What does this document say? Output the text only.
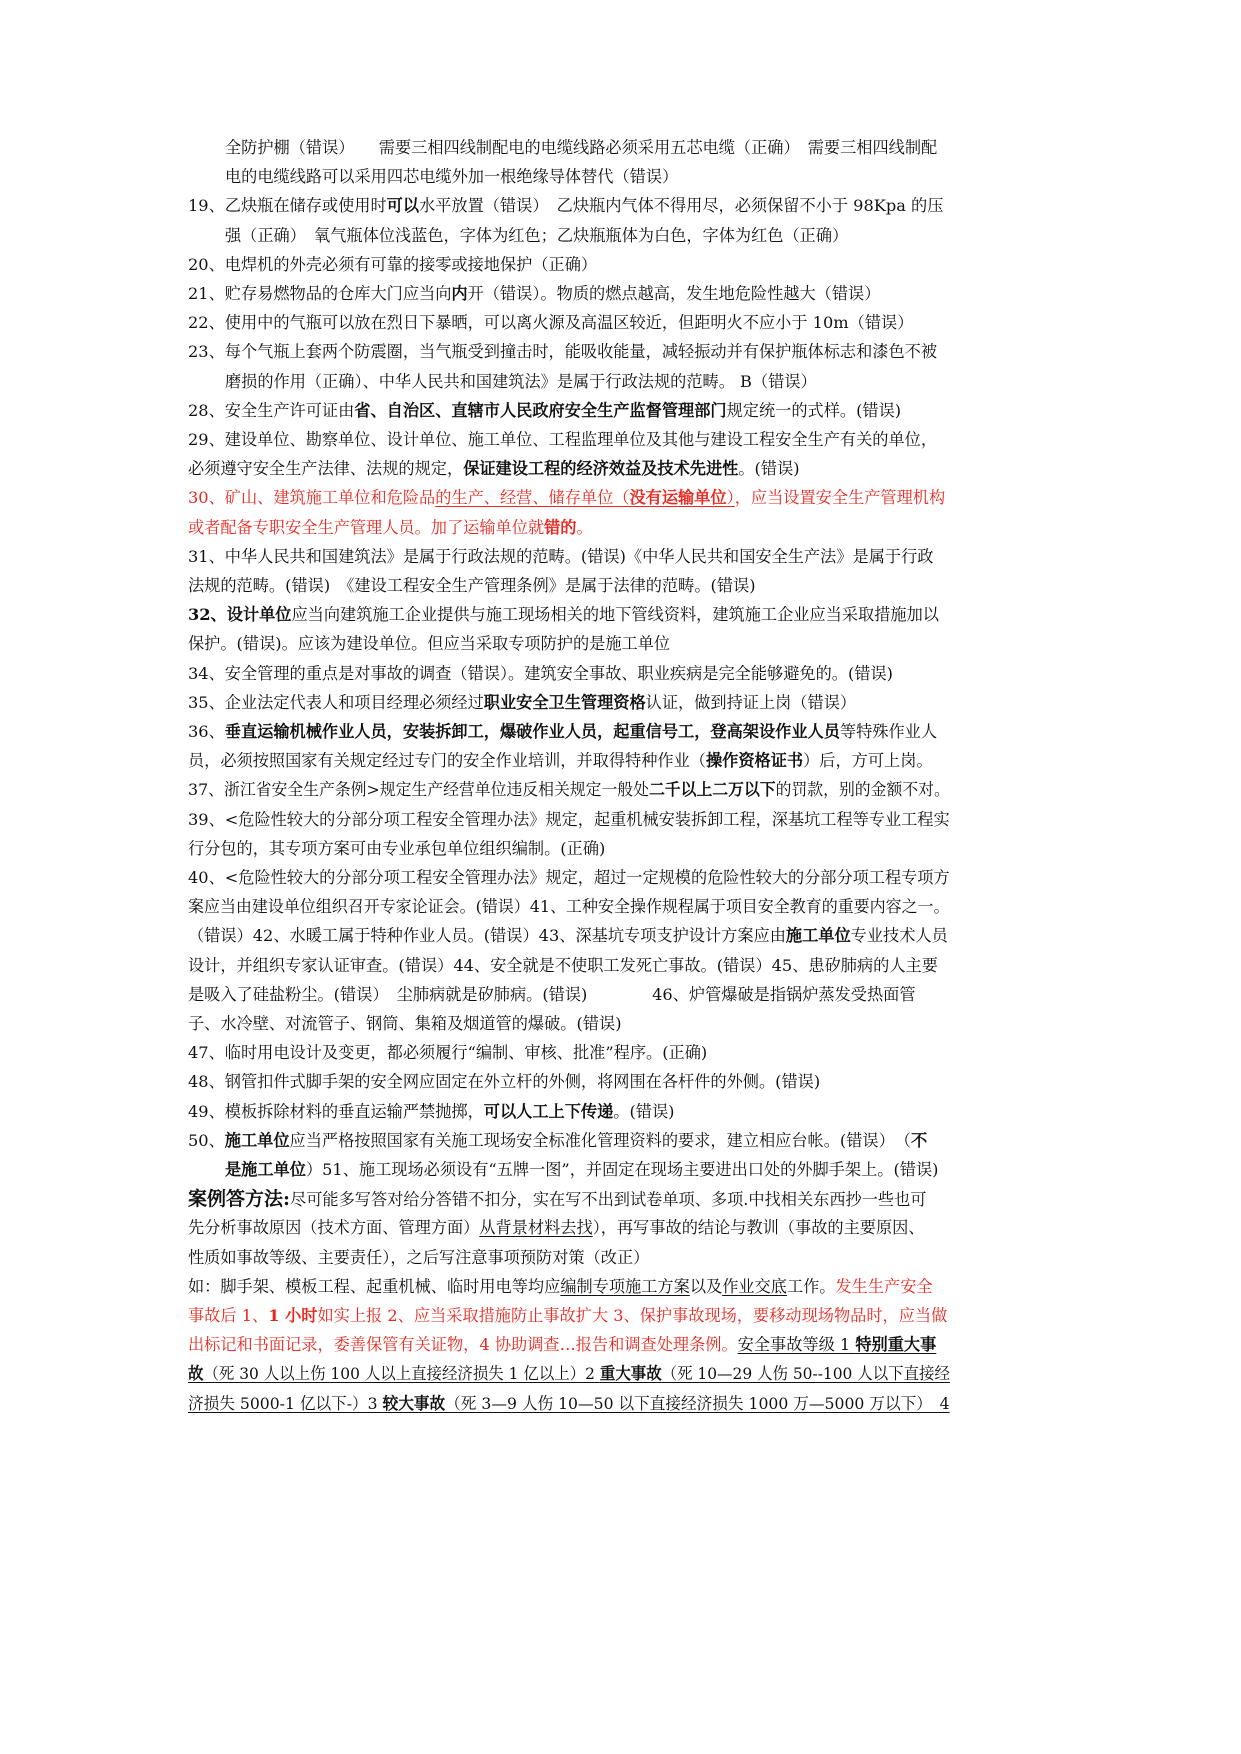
全防护棚（错误）　　需要三相四线制配电的电缆线路必须采用五芯电缆（正确）　需要三相四线制配
电的电缆线路可以采用四芯电缆外加一根绝缘导体替代（错误）
19、乙炔瓶在储存或使用时可以水平放置（错误）　乙炔瓶内气体不得用尽，必须保留不小于 98Kpa 的压
强（正确）　氧气瓶体位浅蓝色，字体为红色；乙炔瓶瓶体为白色，字体为红色（正确）
20、电焊机的外壳必须有可靠的接零或接地保护（正确）
21、贮存易燃物品的仓库大门应当向内开（错误）。物质的燃点越高，发生地危险性越大（错误）
22、使用中的气瓶可以放在烈日下暴晒，可以离火源及高温区较近，但距明火不应小于 10m（错误）
23、每个气瓶上套两个防震圈，当气瓶受到撞击时，能吸收能量，减轻振动并有保护瓶体标志和漆色不被
磨损的作用（正确）、中华人民共和国建筑法》是属于行政法规的范畴。 B（错误）
28、安全生产许可证由省、自治区、直辖市人民政府安全生产监督管理部门规定统一的式样。(错误)
29、建设单位、勘察单位、设计单位、施工单位、工程监理单位及其他与建设工程安全生产有关的单位，
必须遵守安全生产法律、法规的规定，保证建设工程的经济效益及技术先进性。(错误)
30、矿山、建筑施工单位和危险品的生产、经营、储存单位（没有运输单位），应当设置安全生产管理机构
或者配备专职安全生产管理人员。加了运输单位就错的。
31、中华人民共和国建筑法》是属于行政法规的范畴。(错误)《中华人民共和国安全生产法》是属于行政
法规的范畴。(错误)　《建设工程安全生产管理条例》是属于法律的范畴。(错误)
32、设计单位应当向建筑施工企业提供与施工现场相关的地下管线资料，建筑施工企业应当采取措施加以
保护。(错误)。应该为建设单位。但应当采取专项防护的是施工单位
34、安全管理的重点是对事故的调查（错误）。建筑安全事故、职业疾病是完全能够避免的。(错误)
35、企业法定代表人和项目经理必须经过职业安全卫生管理资格认证，做到持证上岗（错误）
36、垂直运输机械作业人员，安装拆卸工，爆破作业人员，起重信号工，登高架设作业人员等特殊作业人
员，必须按照国家有关规定经过专门的安全作业培训，并取得特种作业（操作资格证书）后，方可上岗。
37、浙江省安全生产条例>规定生产经营单位违反相关规定一般处二千以上二万以下的罚款，别的金额不对。
39、<危险性较大的分部分项工程安全管理办法》规定，起重机械安装拆卸工程，深基坑工程等专业工程实
行分包的，其专项方案可由专业承包单位组织编制。(正确)
40、<危险性较大的分部分项工程安全管理办法》规定，超过一定规模的危险性较大的分部分项工程专项方
案应当由建设单位组织召开专家论证会。(错误）41、工种安全操作规程属于项目安全教育的重要内容之一。
（错误）42、水暖工属于特种作业人员。(错误）43、深基坑专项支护设计方案应由施工单位专业技术人员
设计，并组织专家认证审查。(错误）44、安全就是不使职工发死亡事故。(错误）45、患矽肺病的人主要
是吸入了硅盐粉尘。(错误）　尘肺病就是矽肺病。(错误)　　　　46、炉管爆破是指锅炉蒸发受热面管
子、水冷壁、对流管子、钢筒、集箱及烟道管的爆破。(错误)
47、临时用电设计及变更，都必须履行“编制、审核、批准”程序。(正确)
48、钢管扣件式脚手架的安全网应固定在外立杆的外侧，将网围在各杆件的外侧。(错误)
49、模板拆除材料的垂直运输严禁抛掷，可以人工上下传递。(错误)
50、施工单位应当严格按照国家有关施工现场安全标准化管理资料的要求，建立相应台帐。(错误）　（不
是施工单位）51、施工现场必须设有“五牌一图”，并固定在现场主要进出口处的外脚手架上。(错误)
案例答方法:尽可能多写答对给分答错不扣分，实在写不出到试卷单项、多项.中找相关东西抄一些也可
先分析事故原因（技术方面、管理方面）从背景材料去找），再写事故的结论与教训（事故的主要原因、
性质如事故等级、主要责任），之后写注意事项预防对策（改正）
如：脚手架、模板工程、起重机械、临时用电等均应编制专项施工方案以及作业交底工作。发生生产安全
事故后 1、1 小时如实上报 2、应当采取措施防止事故扩大 3、保护事故现场，要移动现场物品时，应当做
出标记和书面记录，委善保管有关证物，4 协助调查…报告和调查处理条例。安全事故等级 1 特别重大事
故（死 30 人以上伤 100 人以上直接经济损失 1 亿以上）2 重大事故（死 10—29 人伤 50--100 人以下直接经
济损失 5000-1 亿以下-）3 较大事故（死 3—9 人伤 10—50 以下直接经济损失 1000 万—5000 万以下）　4
